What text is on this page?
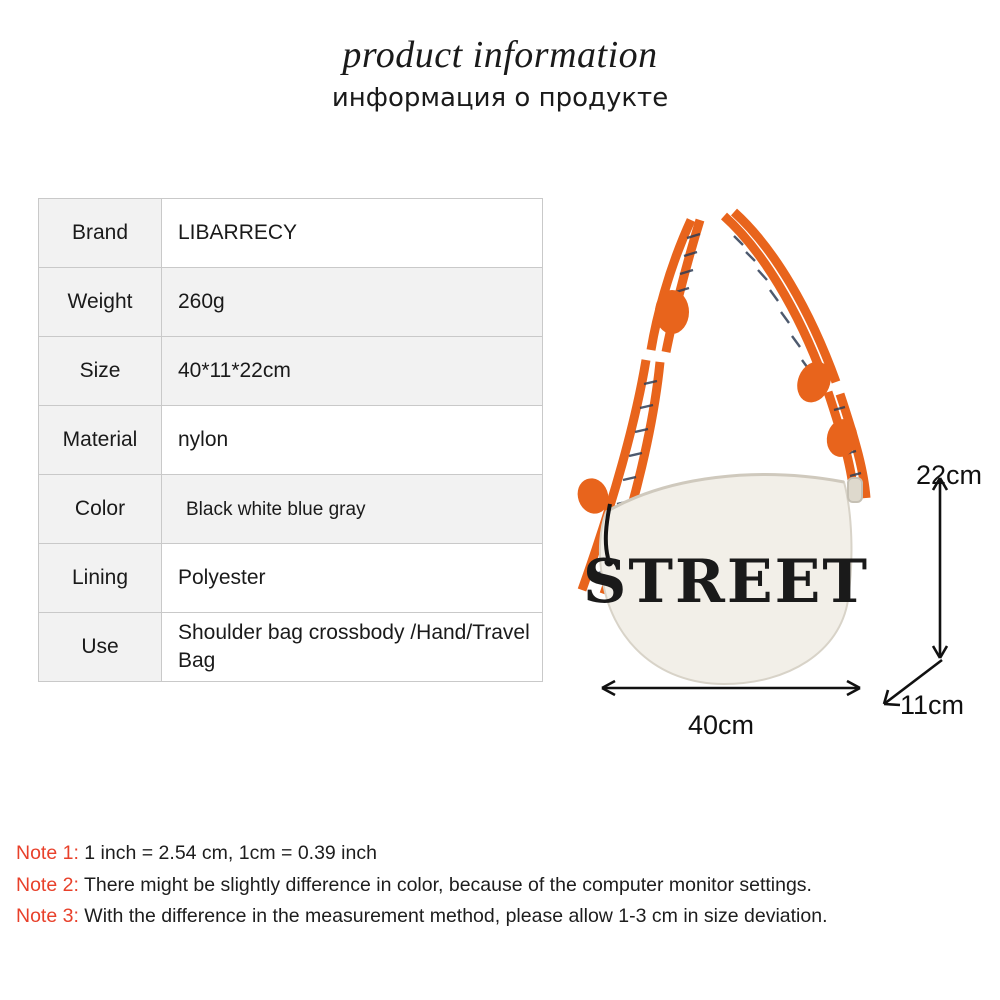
product information
информация о продукте
Brand	LIBARRECY
Weight	260g
Size	40*11*22cm
Material	nylon
Color	Black white blue gray
Lining	Polyester
Use	Shoulder bag crossbody /Hand/Travel Bag
STREET
22cm
11cm
40cm
Note 1: 1 inch = 2.54 cm, 1cm = 0.39 inch
Note 2: There might be slightly difference in color, because of the computer monitor settings.
Note 3: With the difference in the measurement method, please allow 1-3 cm in size deviation.
